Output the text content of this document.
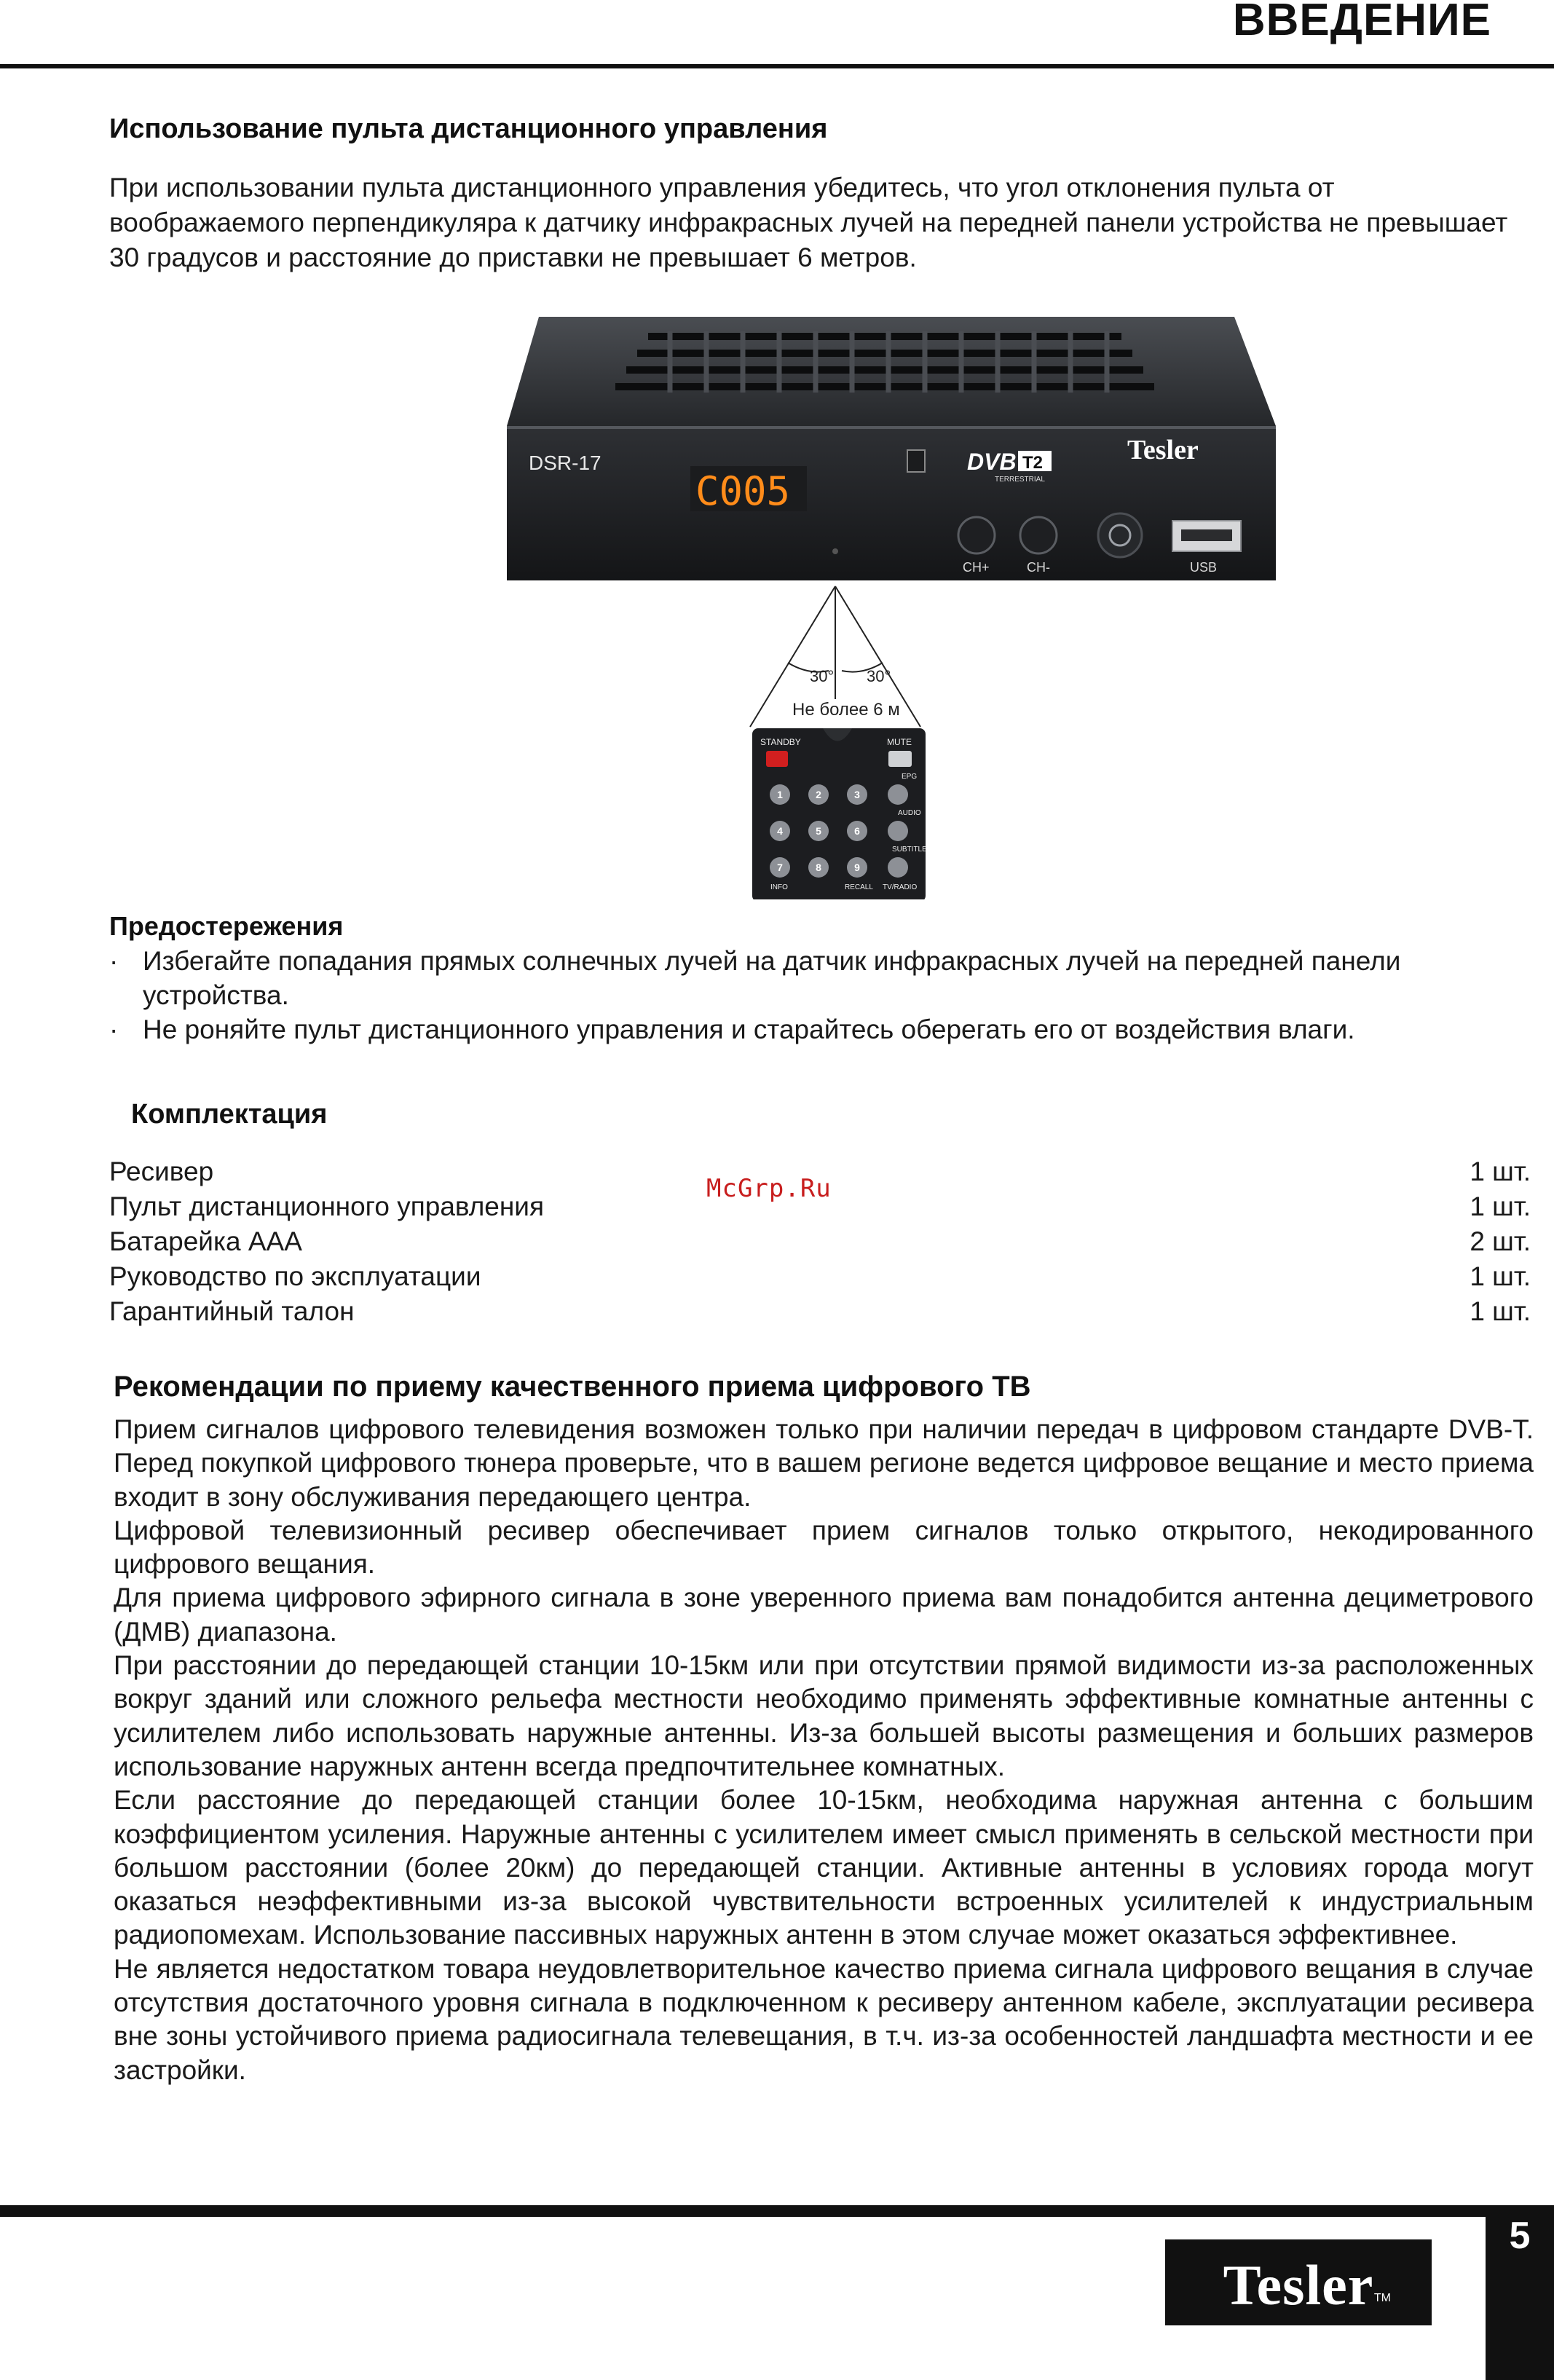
ВВЕДЕНИЕ
Использование пульта дистанционного управления

При использовании пульта дистанционного управления убедитесь, что угол отклонения пульта от воображаемого перпендикуляра к датчику инфракрасных лучей на передней панели устройства не превышает 30 градусов и расстояние до приставки не превышает 6 метров.

DSR-17
C005
DVB T2
TERRESTRIAL
Tesler
CH+	CH-	USB
30° 30°
Не более 6 м
STANDBY	MUTE
EPG
AUDIO
SUBTITLE
1	2	3
4	5	6
7	8	9
INFO	RECALL TV/RADIO
Предостережения
· Избегайте попадания прямых солнечных лучей на датчик инфракрасных лучей на передней панели устройства.
· Не роняйте пульт дистанционного управления и старайтесь оберегать его от воздействия влаги.
Комплектация
Ресивер	1 шт.
Пульт дистанционного управления	1 шт.
Батарейка ААА	2 шт.
Руководство по эксплуатации	1 шт.
Гарантийный талон	1 шт.
McGrp.Ru
Рекомендации по приему качественного приема цифрового ТВ

Прием сигналов цифрового телевидения возможен только при наличии передач в цифровом стандарте DVB-T. Перед покупкой цифрового тюнера проверьте, что в вашем регионе ведется цифровое вещание и место приема входит в зону обслуживания передающего центра.

Цифровой телевизионный ресивер обеспечивает прием сигналов только открытого, некодированного цифрового вещания.

Для приема цифрового эфирного сигнала в зоне уверенного приема вам понадобится антенна дециметрового (ДМВ) диапазона.

При расстоянии до передающей станции 10-15км или при отсутствии прямой видимости из-за расположенных вокруг зданий или сложного рельефа местности необходимо применять эффективные комнатные антенны с усилителем либо использовать наружные антенны. Из-за большей высоты размещения и больших размеров использование наружных антенн всегда предпочтительнее комнатных.

Если расстояние до передающей станции более 10-15км, необходима наружная антенна с большим коэффициентом усиления. Наружные антенны с усилителем имеет смысл применять в сельской местности при большом расстоянии (более 20км) до передающей станции. Активные антенны в условиях города могут оказаться неэффективными из-за высокой чувствительности встроенных усилителей к индустриальным радиопомехам. Использование пассивных наружных антенн в этом случае может оказаться эффективнее.

Не является недостатком товара неудовлетворительное качество приема сигнала цифрового вещания в случае отсутствия достаточного уровня сигнала в подключенном к ресиверу антенном кабеле, эксплуатации ресивера вне зоны устойчивого приема радиосигнала телевещания, в т.ч. из-за особенностей ландшафта местности и ее застройки.

5
Tesler TM
